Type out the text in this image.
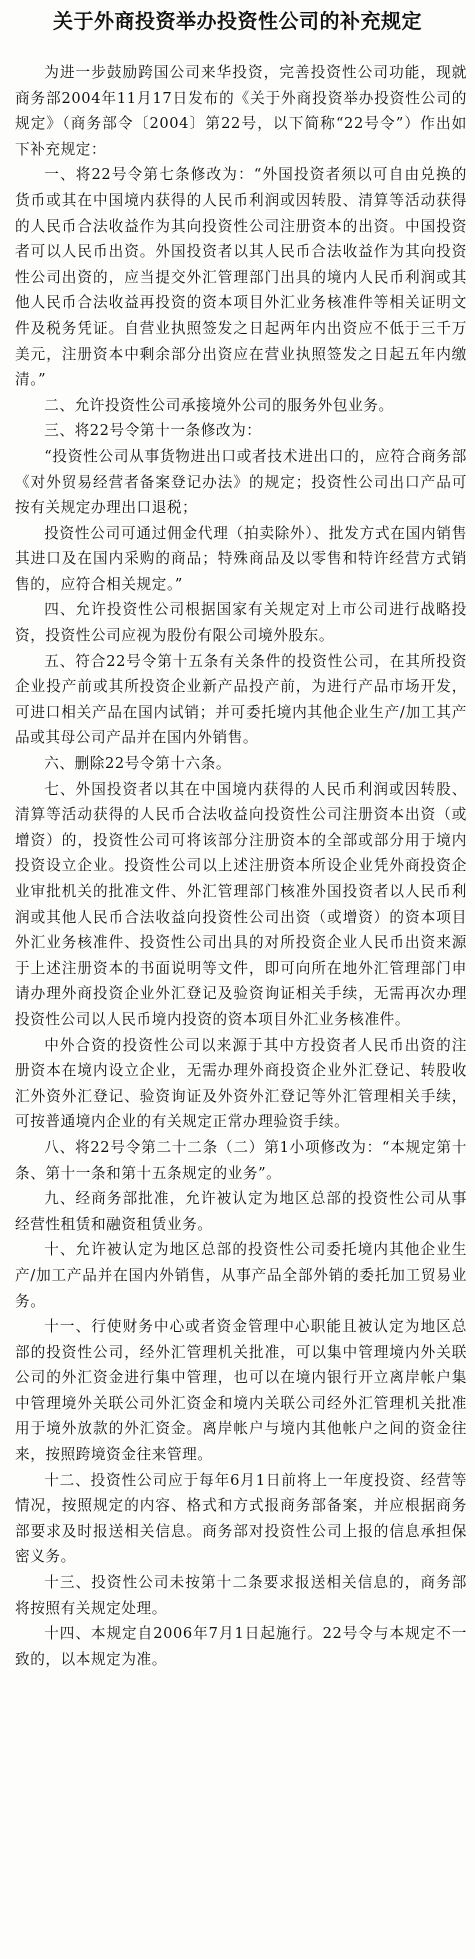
关于外商投资举办投资性公司的补充规定

为进一步鼓励跨国公司来华投资，完善投资性公司功能，现就商务部2004年11月17日发布的《关于外商投资举办投资性公司的规定》（商务部令〔2004〕第22号，以下简称“22号令”）作出如下补充规定：

一、将22号令第七条修改为：“外国投资者须以可自由兑换的货币或其在中国境内获得的人民币利润或因转股、清算等活动获得的人民币合法收益作为其向投资性公司注册资本的出资。中国投资者可以人民币出资。外国投资者以其人民币合法收益作为其向投资性公司出资的，应当提交外汇管理部门出具的境内人民币利润或其他人民币合法收益再投资的资本项目外汇业务核准件等相关证明文件及税务凭证。自营业执照签发之日起两年内出资应不低于三千万美元，注册资本中剩余部分出资应在营业执照签发之日起五年内缴清。”

二、允许投资性公司承接境外公司的服务外包业务。

三、将22号令第十一条修改为：

“投资性公司从事货物进出口或者技术进出口的，应符合商务部《对外贸易经营者备案登记办法》的规定；投资性公司出口产品可按有关规定办理出口退税；

投资性公司可通过佣金代理（拍卖除外）、批发方式在国内销售其进口及在国内采购的商品；特殊商品及以零售和特许经营方式销售的，应符合相关规定。”

四、允许投资性公司根据国家有关规定对上市公司进行战略投资，投资性公司应视为股份有限公司境外股东。

五、符合22号令第十五条有关条件的投资性公司，在其所投资企业投产前或其所投资企业新产品投产前，为进行产品市场开发，可进口相关产品在国内试销；并可委托境内其他企业生产/加工其产品或其母公司产品并在国内外销售。

六、删除22号令第十六条。

七、外国投资者以其在中国境内获得的人民币利润或因转股、清算等活动获得的人民币合法收益向投资性公司注册资本出资（或增资）的，投资性公司可将该部分注册资本的全部或部分用于境内投资设立企业。投资性公司以上述注册资本所设企业凭外商投资企业审批机关的批准文件、外汇管理部门核准外国投资者以人民币利润或其他人民币合法收益向投资性公司出资（或增资）的资本项目外汇业务核准件、投资性公司出具的对所投资企业人民币出资来源于上述注册资本的书面说明等文件，即可向所在地外汇管理部门申请办理外商投资企业外汇登记及验资询证相关手续，无需再次办理投资性公司以人民币境内投资的资本项目外汇业务核准件。

中外合资的投资性公司以来源于其中方投资者人民币出资的注册资本在境内设立企业，无需办理外商投资企业外汇登记、转股收汇外资外汇登记、验资询证及外资外汇登记等外汇管理相关手续，可按普通境内企业的有关规定正常办理验资手续。

八、将22号令第二十二条（二）第1小项修改为：“本规定第十条、第十一条和第十五条规定的业务”。

九、经商务部批准，允许被认定为地区总部的投资性公司从事经营性租赁和融资租赁业务。

十、允许被认定为地区总部的投资性公司委托境内其他企业生产/加工产品并在国内外销售，从事产品全部外销的委托加工贸易业务。

十一、行使财务中心或者资金管理中心职能且被认定为地区总部的投资性公司，经外汇管理机关批准，可以集中管理境内外关联公司的外汇资金进行集中管理，也可以在境内银行开立离岸帐户集中管理境外关联公司外汇资金和境内关联公司经外汇管理机关批准用于境外放款的外汇资金。离岸帐户与境内其他帐户之间的资金往来，按照跨境资金往来管理。

十二、投资性公司应于每年6月1日前将上一年度投资、经营等情况，按照规定的内容、格式和方式报商务部备案，并应根据商务部要求及时报送相关信息。商务部对投资性公司上报的信息承担保密义务。

十三、投资性公司未按第十二条要求报送相关信息的，商务部将按照有关规定处理。

十四、本规定自2006年7月1日起施行。22号令与本规定不一致的，以本规定为准。
